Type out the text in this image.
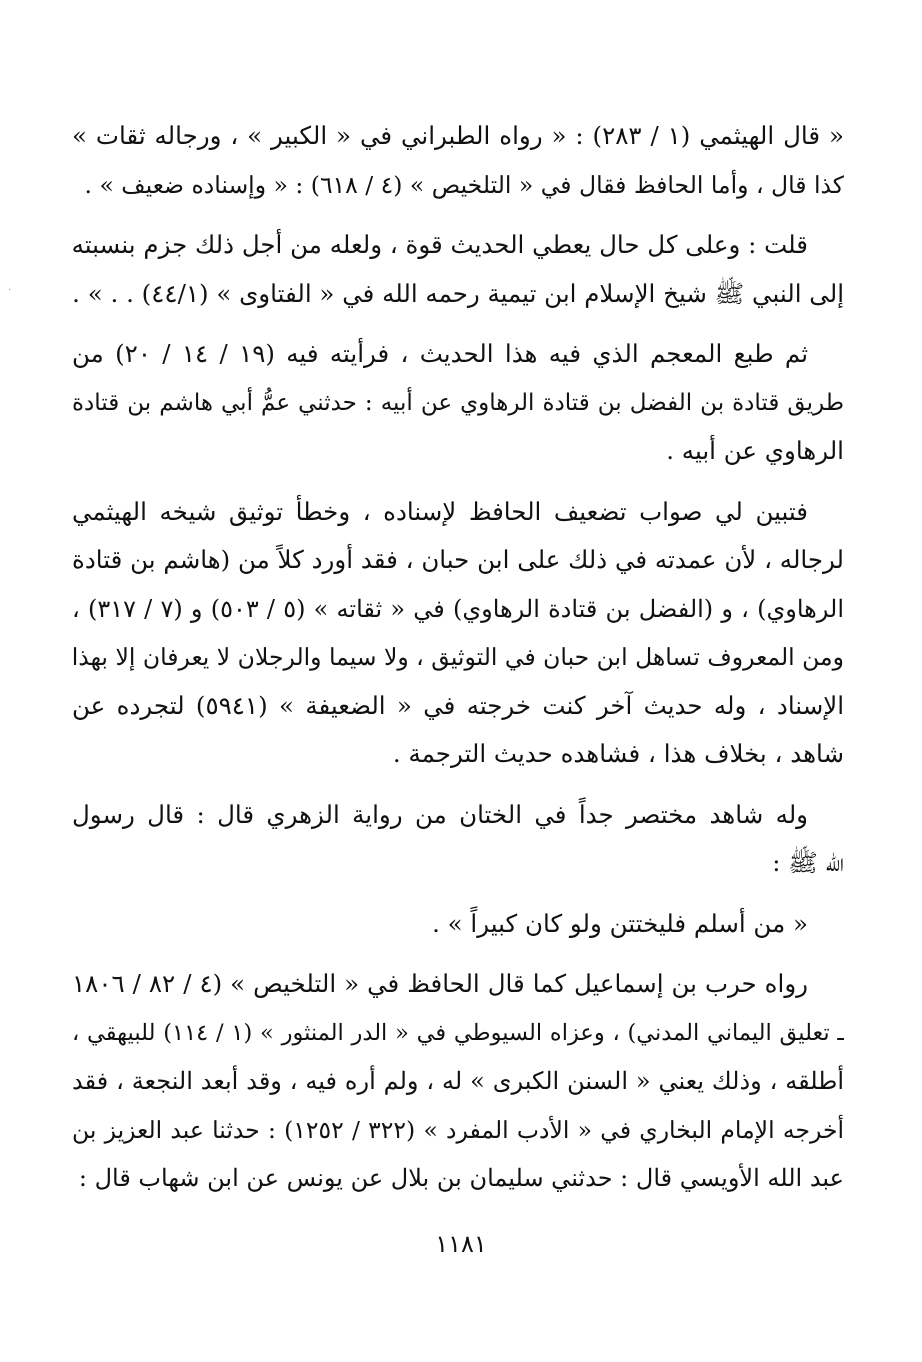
·

« قال الهيثمي (١ / ٢٨٣) : « رواه الطبراني في « الكبير » ، ورجاله ثقات »
كذا قال ، وأما الحافظ فقال في « التلخيص » (٤ / ٦١٨) : « وإسناده ضعيف » .

قلت : وعلى كل حال يعطي الحديث قوة ، ولعله من أجل ذلك جزم بنسبته
إلى النبي ﷺ شيخ الإسلام ابن تيمية رحمه الله في « الفتاوى » (٤٤/١) . . » .

ثم طبع المعجم الذي فيه هذا الحديث ، فرأيته فيه (١٩ / ١٤ / ٢٠) من
طريق قتادة بن الفضل بن قتادة الرهاوي عن أبيه : حدثني عمُّ أبي هاشم بن قتادة
الرهاوي عن أبيه .

فتبين لي صواب تضعيف الحافظ لإسناده ، وخطأ توثيق شيخه الهيثمي
لرجاله ، لأن عمدته في ذلك على ابن حبان ، فقد أورد كلاً من (هاشم بن قتادة
الرهاوي) ، و (الفضل بن قتادة الرهاوي) في « ثقاته » (٥ / ٥٠٣) و (٧ / ٣١٧) ،
ومن المعروف تساهل ابن حبان في التوثيق ، ولا سيما والرجلان لا يعرفان إلا بهذا
الإسناد ، وله حديث آخر كنت خرجته في « الضعيفة » (٥٩٤١) لتجرده عن
شاهد ، بخلاف هذا ، فشاهده حديث الترجمة .

وله شاهد مختصر جداً في الختان من رواية الزهري قال : قال رسول
الله ﷺ :

« من أسلم فليختتن ولو كان كبيراً » .

رواه حرب بن إسماعيل كما قال الحافظ في « التلخيص » (٤ / ٨٢ / ١٨٠٦
ـ تعليق اليماني المدني) ، وعزاه السيوطي في « الدر المنثور » (١ / ١١٤) للبيهقي ،
أطلقه ، وذلك يعني « السنن الكبرى » له ، ولم أره فيه ، وقد أبعد النجعة ، فقد
أخرجه الإمام البخاري في « الأدب المفرد » (٣٢٢ / ١٢٥٢) : حدثنا عبد العزيز بن
عبد الله الأويسي قال : حدثني سليمان بن بلال عن يونس عن ابن شهاب قال :

١١٨١
